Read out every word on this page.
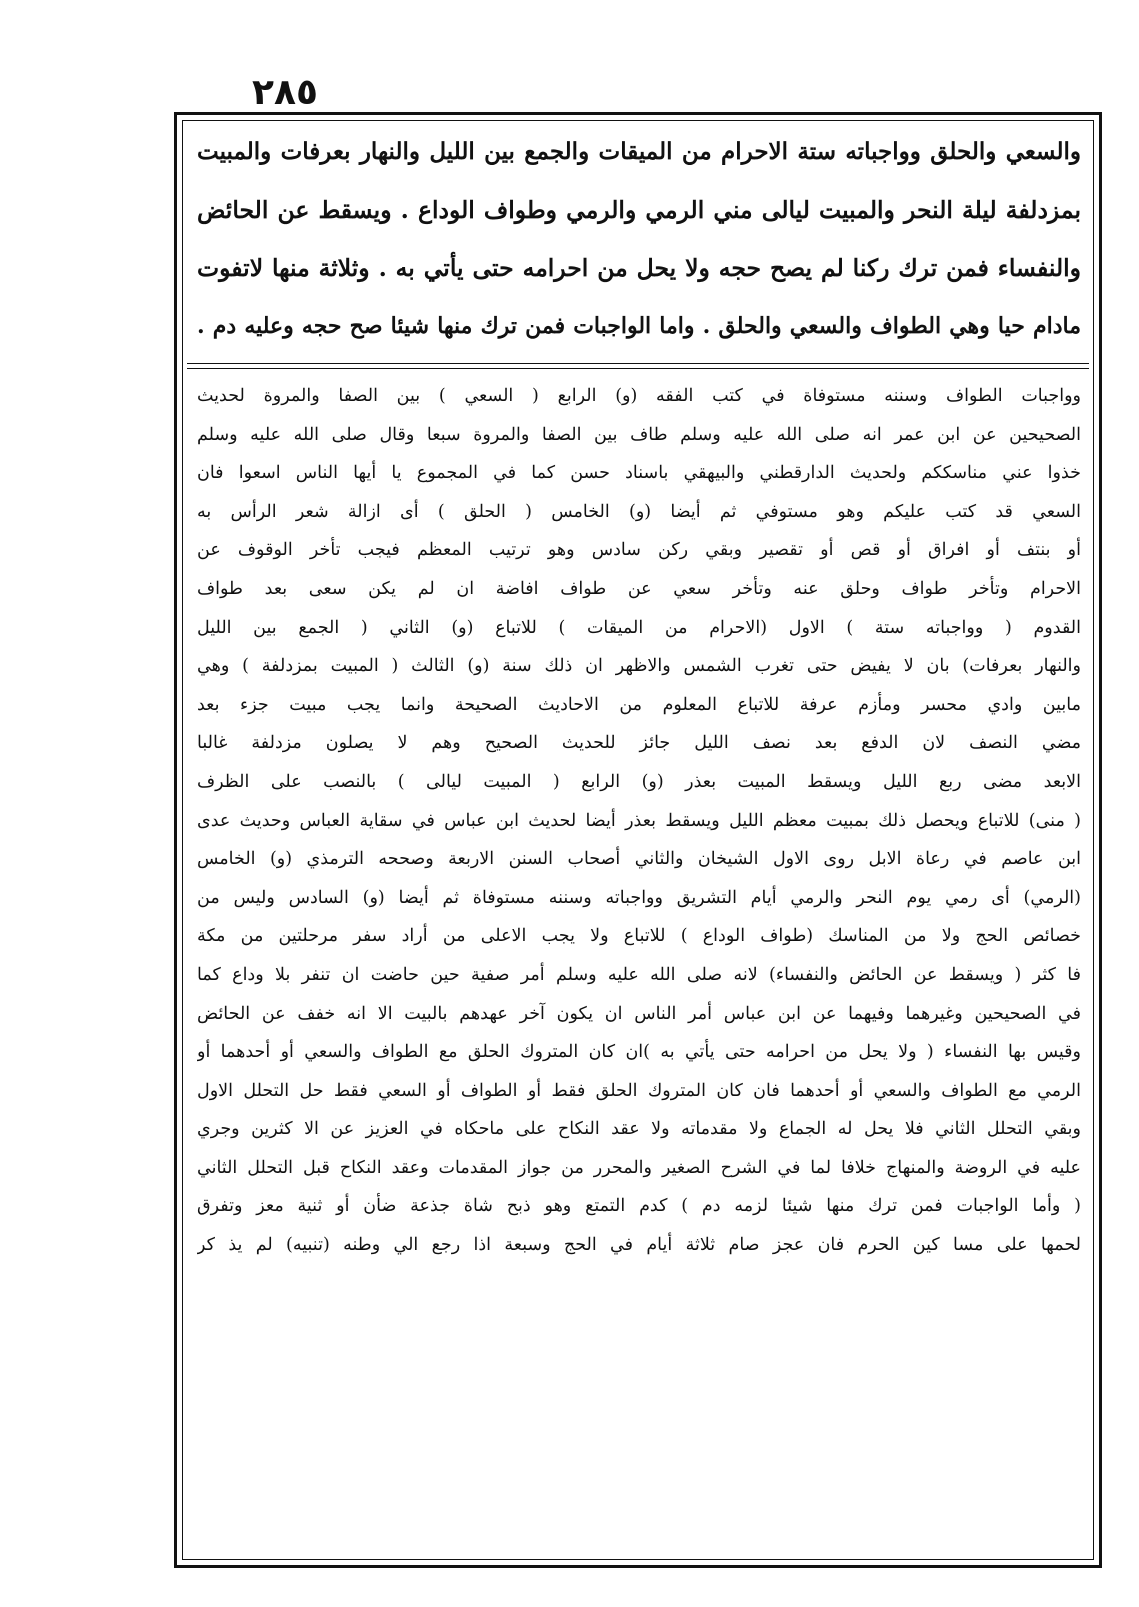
٢٨٥
والسعي والحلق وواجباته ستة الاحرام من الميقات والجمع بين الليل والنهار بعرفات والمبيت
بمزدلفة ليلة النحر والمبيت ليالى مني الرمي والرمي وطواف الوداع . ويسقط عن الحائض
والنفساء فمن ترك ركنا لم يصح حجه ولا يحل من احرامه حتى يأتي به . وثلاثة منها لاتفوت
مادام حيا وهي الطواف والسعي والحلق . واما الواجبات فمن ترك منها شيئا صح حجه وعليه دم .
وواجبات الطواف وسننه مستوفاة في كتب الفقه (و) الرابع ( السعي ) بين الصفا والمروة لحديث
الصحيحين عن ابن عمر انه صلى الله عليه وسلم طاف بين الصفا والمروة سبعا وقال صلى الله عليه وسلم
خذوا عني مناسككم ولحديث الدارقطني والبيهقي باسناد حسن كما في المجموع يا أيها الناس اسعوا فان
السعي قد كتب عليكم وهو مستوفي ثم أيضا (و) الخامس ( الحلق ) أى ازالة شعر الرأس به
أو بنتف أو افراق أو قص أو تقصير وبقي ركن سادس وهو ترتيب المعظم فيجب تأخر الوقوف عن
الاحرام وتأخر طواف وحلق عنه وتأخر سعي عن طواف افاضة ان لم يكن سعى بعد طواف
القدوم ( وواجباته ستة ) الاول (الاحرام من الميقات ) للاتباع (و) الثاني ( الجمع بين الليل
والنهار بعرفات) بان لا يفيض حتى تغرب الشمس والاظهر ان ذلك سنة (و) الثالث ( المبيت بمزدلفة ) وهي
مابين وادي محسر ومأزم عرفة للاتباع المعلوم من الاحاديث الصحيحة وانما يجب مبيت جزء بعد
مضي النصف لان الدفع بعد نصف الليل جائز للحديث الصحيح وهم لا يصلون مزدلفة غالبا
الابعد مضى ربع الليل ويسقط المبيت بعذر (و) الرابع ( المبيت ليالى ) بالنصب على الظرف
( منى) للاتباع ويحصل ذلك بمبيت معظم الليل ويسقط بعذر أيضا لحديث ابن عباس في سقاية العباس وحديث عدى
ابن عاصم في رعاة الابل روى الاول الشيخان والثاني أصحاب السنن الاربعة وصححه الترمذي (و) الخامس
(الرمي) أى رمي يوم النحر والرمي أيام التشريق وواجباته وسننه مستوفاة ثم أيضا (و) السادس وليس من
خصائص الحج ولا من المناسك (طواف الوداع ) للاتباع ولا يجب الاعلى من أراد سفر مرحلتين من مكة
فا كثر ( ويسقط عن الحائض والنفساء) لانه صلى الله عليه وسلم أمر صفية حين حاضت ان تنفر بلا وداع كما
في الصحيحين وغيرهما وفيهما عن ابن عباس أمر الناس ان يكون آخر عهدهم بالبيت الا انه خفف عن الحائض
وقيس بها النفساء ( ولا يحل من احرامه حتى يأتي به )ان كان المتروك الحلق مع الطواف والسعي أو أحدهما أو
الرمي مع الطواف والسعي أو أحدهما فان كان المتروك الحلق فقط أو الطواف أو السعي فقط حل التحلل الاول
وبقي التحلل الثاني فلا يحل له الجماع ولا مقدماته ولا عقد النكاح على ماحكاه في العزيز عن الا كثرين وجري
عليه في الروضة والمنهاج خلافا لما في الشرح الصغير والمحرر من جواز المقدمات وعقد النكاح قبل التحلل الثاني
( وأما الواجبات فمن ترك منها شيئا لزمه دم ) كدم التمتع وهو ذبح شاة جذعة ضأن أو ثنية معز وتفرق
لحمها على مسا كين الحرم فان عجز صام ثلاثة أيام في الحج وسبعة اذا رجع الي وطنه (تنبيه) لم يذ كر
